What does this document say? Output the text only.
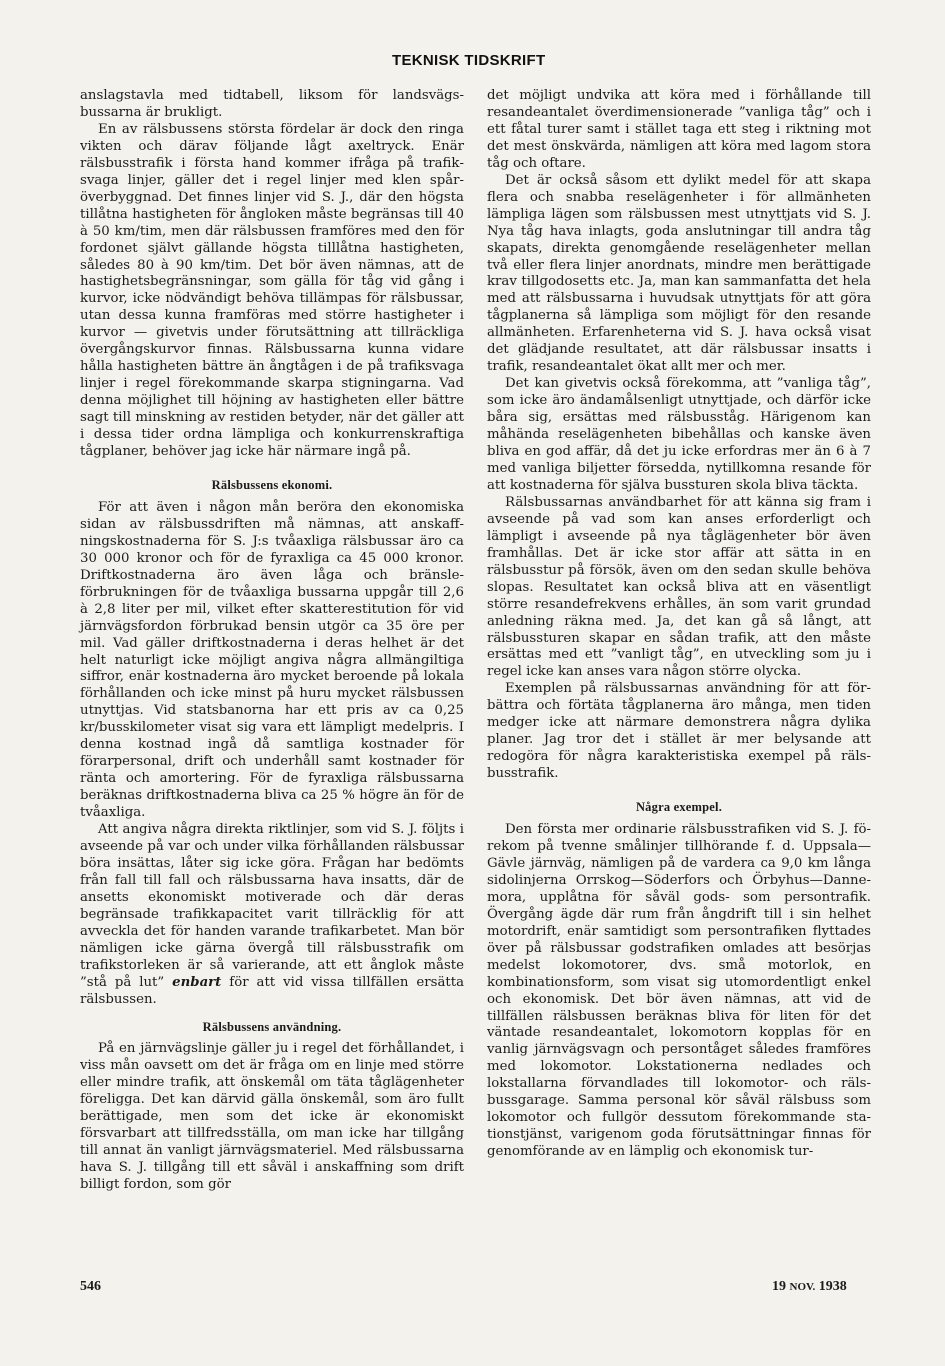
TEKNISK TIDSKRIFT

anslagstavla med tidtabell, liksom för landsvägsbussarna är brukligt.

En av rälsbussens största fördelar är dock den ringa vikten och därav följande lågt axeltryck. Enär rälsbusstrafik i första hand kommer ifråga på trafiksvaga linjer, gäller det i regel linjer med klen spåröverbyggnad. Det finnes linjer vid S. J., där den högsta tillåtna hastigheten för ångloken måste begränsas till 40 à 50 km/tim, men där rälsbussen framföres med den för fordonet självt gällande högsta tilllåtna hastigheten, således 80 à 90 km/tim. Det bör även nämnas, att de hastighetsbegränsningar, som gälla för tåg vid gång i kurvor, icke nödvändigt behöva tillämpas för rälsbussar, utan dessa kunna framföras med större hastigheter i kurvor — givetvis under förutsättning att tillräckliga övergångskurvor finnas. Rälsbussarna kunna vidare hålla hastigheten bättre än ångtågen i de på trafiksvaga linjer i regel förekommande skarpa stigningarna. Vad denna möjlighet till höjning av hastigheten eller bättre sagt till minskning av restiden betyder, när det gäller att i dessa tider ordna lämpliga och konkurrenskraftiga tågplaner, behöver jag icke här närmare ingå på.

Rälsbussens ekonomi.

För att även i någon mån beröra den ekonomiska sidan av rälsbussdriften må nämnas, att anskaffningskostnaderna för S. J:s tvåaxliga rälsbussar äro ca 30 000 kronor och för de fyraxliga ca 45 000 kronor. Driftkostnaderna äro även låga och bränsleförbrukningen för de tvåaxliga bussarna uppgår till 2,6 à 2,8 liter per mil, vilket efter skatterestitution för vid järnvägsfordon förbrukad bensin utgör ca 35 öre per mil. Vad gäller driftkostnaderna i deras helhet är det helt naturligt icke möjligt angiva några allmängiltiga siffror, enär kostnaderna äro mycket beroende på lokala förhållanden och icke minst på huru mycket rälsbussen utnyttjas. Vid statsbanorna har ett pris av ca 0,25 kr/busskilometer visat sig vara ett lämpligt medelpris. I denna kostnad ingå då samtliga kostnader för förarpersonal, drift och underhåll samt kostnader för ränta och amortering. För de fyraxliga rälsbussarna beräknas driftkostnaderna bliva ca 25 % högre än för de tvåaxliga.

Att angiva några direkta riktlinjer, som vid S. J. följts i avseende på var och under vilka förhållanden rälsbussar böra insättas, låter sig icke göra. Frågan har bedömts från fall till fall och rälsbussarna hava insatts, där de ansetts ekonomiskt motiverade och där deras begränsade trafikkapacitet varit tillräcklig för att avveckla det för handen varande trafikarbetet. Man bör nämligen icke gärna övergå till rälsbusstrafik om trafikstorleken är så varierande, att ett ånglok måste ”stå på lut” enbart för att vid vissa tillfällen ersätta rälsbussen.

Rälsbussens användning.

På en järnvägslinje gäller ju i regel det förhållandet, i viss mån oavsett om det är fråga om en linje med större eller mindre trafik, att önskemål om täta tåglägenheter föreligga. Det kan därvid gälla önskemål, som äro fullt berättigade, men som det icke är ekonomiskt försvarbart att tillfredsställa, om man icke har tillgång till annat än vanligt järnvägsmateriel. Med rälsbussarna hava S. J. tillgång till ett såväl i anskaffning som drift billigt fordon, som gör

det möjligt undvika att köra med i förhållande till resandeantalet överdimensionerade ”vanliga tåg” och i ett fåtal turer samt i stället taga ett steg i riktning mot det mest önskvärda, nämligen att köra med lagom stora tåg och oftare.

Det är också såsom ett dylikt medel för att skapa flera och snabba reselägenheter i för allmänheten lämpliga lägen som rälsbussen mest utnyttjats vid S. J. Nya tåg hava inlagts, goda anslutningar till andra tåg skapats, direkta genomgående reselägenheter mellan två eller flera linjer anordnats, mindre men berättigade krav tillgodosetts etc. Ja, man kan sammanfatta det hela med att rälsbussarna i huvudsak utnyttjats för att göra tågplanerna så lämpliga som möjligt för den resande allmänheten. Erfarenheterna vid S. J. hava också visat det glädjande resultatet, att där rälsbussar insatts i trafik, resandeantalet ökat allt mer och mer.

Det kan givetvis också förekomma, att ”vanliga tåg”, som icke äro ändamålsenligt utnyttjade, och därför icke båra sig, ersättas med rälsbusståg. Härigenom kan måhända reselägenheten bibehållas och kanske även bliva en god affär, då det ju icke erfordras mer än 6 à 7 med vanliga biljetter försedda, nytillkomna resande för att kostnaderna för själva bussturen skola bliva täckta.

Rälsbussarnas användbarhet för att känna sig fram i avseende på vad som kan anses erforderligt och lämpligt i avseende på nya tåglägenheter bör även framhållas. Det är icke stor affär att sätta in en rälsbusstur på försök, även om den sedan skulle behöva slopas. Resultatet kan också bliva att en väsentligt större resandefrekvens erhålles, än som varit grundad anledning räkna med. Ja, det kan gå så långt, att rälsbussturen skapar en sådan trafik, att den måste ersättas med ett ”vanligt tåg”, en utveckling som ju i regel icke kan anses vara någon större olycka.

Exemplen på rälsbussarnas användning för att förbättra och förtäta tågplanerna äro många, men tiden medger icke att närmare demonstrera några dylika planer. Jag tror det i stället är mer belysande att redogöra för några karakteristiska exempel på rälsbusstrafik.

Några exempel.

Den första mer ordinarie rälsbusstrafiken vid S. J. förekom på tvenne smålinjer tillhörande f. d. Uppsala—Gävle järnväg, nämligen på de vardera ca 9,0 km långa sidolinjerna Orrskog—Söderfors och Örbyhus—Dannemora, upplåtna för såväl gods- som persontrafik. Övergång ägde där rum från ångdrift till i sin helhet motordrift, enär samtidigt som persontrafiken flyttades över på rälsbussar godstrafiken omlades att besörjas medelst lokomotorer, dvs. små motorlok, en kombinationsform, som visat sig utomordentligt enkel och ekonomisk. Det bör även nämnas, att vid de tillfällen rälsbussen beräknas bliva för liten för det väntade resandeantalet, lokomotorn kopplas för en vanlig järnvägsvagn och persontåget således framföres med lokomotor. Lokstationerna nedlades och lokstallarna förvandlades till lokomotor- och rälsbussgarage. Samma personal kör såväl rälsbuss som lokomotor och fullgör dessutom förekommande stationstjänst, varigenom goda förutsättningar finnas för genomförande av en lämplig och ekonomisk tur-

546	19 NOV. 1938
